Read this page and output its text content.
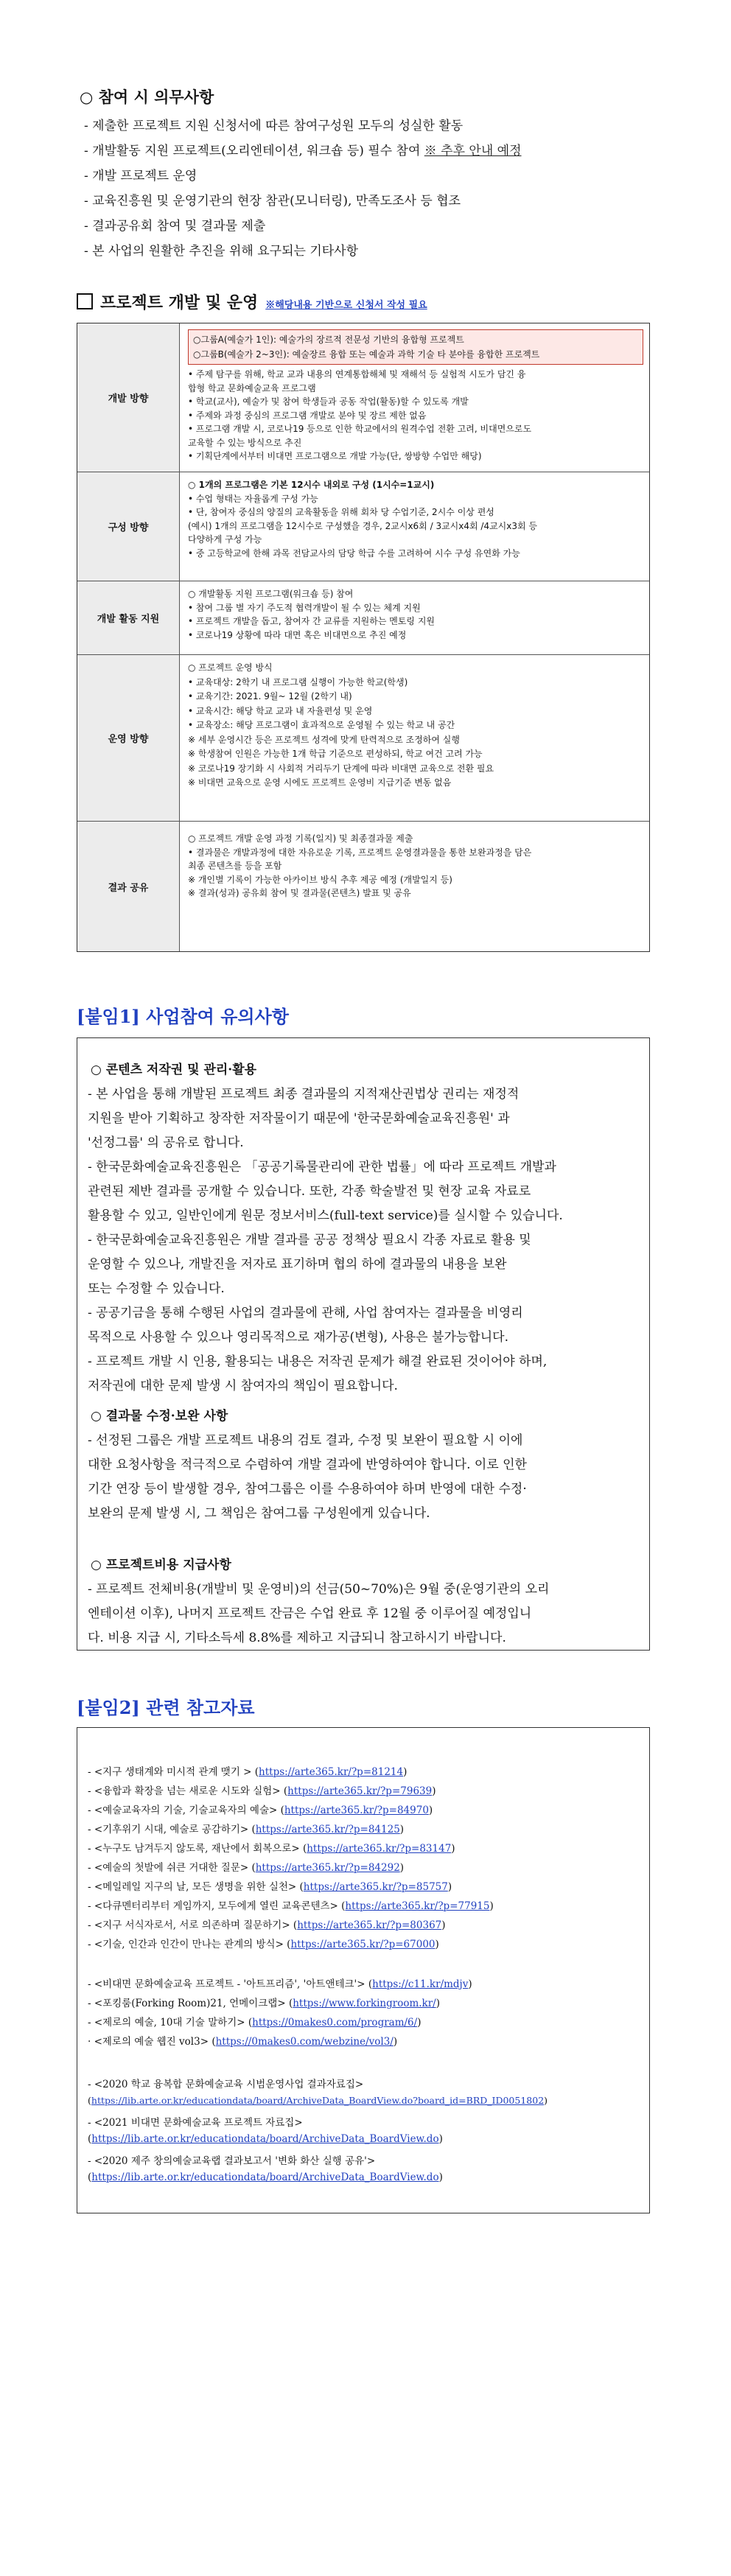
○ 참여 시 의무사항
- 제출한 프로젝트 지원 신청서에 따른 참여구성원 모두의 성실한 활동
- 개발활동 지원 프로젝트(오리엔테이션, 워크숍 등) 필수 참여 ※ 추후 안내 예정
- 개발 프로젝트 운영
- 교육진흥원 및 운영기관의 현장 참관(모니터링), 만족도조사 등 협조
- 결과공유회 참여 및 결과물 제출
- 본 사업의 원활한 추진을 위해 요구되는 기타사항
프로젝트 개발 및 운영 ※해당내용 기반으로 신청서 작성 필요
개발 방향
○그룹A(예술가 1인): 예술가의 장르적 전문성 기반의 융합형 프로젝트
○그룹B(예술가 2~3인): 예술장르 융합 또는 예술과 과학 기술 타 분야를 융합한 프로젝트
• 주제 탐구를 위해, 학교 교과 내용의 연계통합해체 및 재해석 등 실험적 시도가 담긴 융
합형 학교 문화예술교육 프로그램
• 학교(교사), 예술가 및 참여 학생들과 공동 작업(활동)할 수 있도록 개발
• 주제와 과정 중심의 프로그램 개발로 분야 및 장르 제한 없음
• 프로그램 개발 시, 코로나19 등으로 인한 학교에서의 원격수업 전환 고려, 비대면으로도
교육할 수 있는 방식으로 추진
• 기획단계에서부터 비대면 프로그램으로 개발 가능(단, 쌍방향 수업만 해당)
구성 방향
○ 1개의 프로그램은 기본 12시수 내외로 구성 (1시수=1교시)
• 수업 형태는 자율롭게 구성 가능
• 단, 참여자 중심의 양질의 교육활동을 위해 회차 당 수업기준, 2시수 이상 편성
(예시) 1개의 프로그램을 12시수로 구성했을 경우, 2교시x6회 / 3교시x4회 /4교시x3회 등
다양하게 구성 가능
• 중 고등학교에 한해 과목 전담교사의 담당 학급 수를 고려하여 시수 구성 유연화 가능
개발 활동 지원
○ 개발활동 지원 프로그램(워크숍 등) 참여
• 참여 그룹 별 자기 주도적 협력개발이 될 수 있는 체계 지원
• 프로젝트 개발을 돕고, 참여자 간 교류를 지원하는 멘토링 지원
• 코로나19 상황에 따라 대면 혹은 비대면으로 추진 예정
운영 방향
○ 프로젝트 운영 방식
• 교육대상: 2학기 내 프로그램 실행이 가능한 학교(학생)
• 교육기간: 2021. 9월~ 12월 (2학기 내)
• 교육시간: 해당 학교 교과 내 자율편성 및 운영
• 교육장소: 해당 프로그램이 효과적으로 운영될 수 있는 학교 내 공간
※ 세부 운영시간 등은 프로젝트 성격에 맞게 탄력적으로 조정하여 실행
※ 학생참여 인원은 가능한 1개 학급 기준으로 편성하되, 학교 여건 고려 가능
※ 코로나19 장기화 시 사회적 거리두기 단계에 따라 비대면 교육으로 전환 필요
※ 비대면 교육으로 운영 시에도 프로젝트 운영비 지급기준 변동 없음
결과 공유
○ 프로젝트 개발 운영 과정 기록(일지) 및 최종결과물 제출
• 결과물은 개발과정에 대한 자유로운 기록, 프로젝트 운영결과물을 통한 보완과정을 담은
최종 콘텐츠를 등을 포함
※ 개인별 기록이 가능한 아카이브 방식 추후 제공 예정 (개발일지 등)
※ 결과(성과) 공유회 참여 및 결과물(콘텐츠) 발표 및 공유
[붙임1] 사업참여 유의사항
○ 콘텐츠 저작권 및 관리·활용
- 본 사업을 통해 개발된 프로젝트 최종 결과물의 지적재산권법상 권리는 재정적
지원을 받아 기획하고 창작한 저작물이기 때문에 '한국문화예술교육진흥원' 과
'선정그룹' 의 공유로 합니다.
- 한국문화예술교육진흥원은 「공공기록물관리에 관한 법률」에 따라 프로젝트 개발과
관련된 제반 결과를 공개할 수 있습니다. 또한, 각종 학술발전 및 현장 교육 자료로
활용할 수 있고, 일반인에게 원문 정보서비스(full-text service)를 실시할 수 있습니다.
- 한국문화예술교육진흥원은 개발 결과를 공공 정책상 필요시 각종 자료로 활용 및
운영할 수 있으나, 개발진을 저자로 표기하며 협의 하에 결과물의 내용을 보완
또는 수정할 수 있습니다.
- 공공기금을 통해 수행된 사업의 결과물에 관해, 사업 참여자는 결과물을 비영리
목적으로 사용할 수 있으나 영리목적으로 재가공(변형), 사용은 불가능합니다.
- 프로젝트 개발 시 인용, 활용되는 내용은 저작권 문제가 해결 완료된 것이어야 하며,
저작권에 대한 문제 발생 시 참여자의 책임이 필요합니다.
○ 결과물 수정·보완 사항
- 선정된 그룹은 개발 프로젝트 내용의 검토 결과, 수정 및 보완이 필요할 시 이에
대한 요청사항을 적극적으로 수렴하여 개발 결과에 반영하여야 합니다. 이로 인한
기간 연장 등이 발생할 경우, 참여그룹은 이를 수용하여야 하며 반영에 대한 수정·
보완의 문제 발생 시, 그 책임은 참여그룹 구성원에게 있습니다.
○ 프로젝트비용 지급사항
- 프로젝트 전체비용(개발비 및 운영비)의 선금(50~70%)은 9월 중(운영기관의 오리
엔테이션 이후), 나머지 프로젝트 잔금은 수업 완료 후 12월 중 이루어질 예정입니
다. 비용 지급 시, 기타소득세 8.8%를 제하고 지급되니 참고하시기 바랍니다.
[붙임2] 관련 참고자료
- <지구 생태계와 미시적 관계 맺기 > (https://arte365.kr/?p=81214)
- <융합과 확장을 넘는 새로운 시도와 실험> (https://arte365.kr/?p=79639)
- <예술교육자의 기술, 기술교육자의 예술> (https://arte365.kr/?p=84970)
- <기후위기 시대, 예술로 공감하기> (https://arte365.kr/?p=84125)
- <누구도 남겨두지 않도록, 재난에서 회복으로> (https://arte365.kr/?p=83147)
- <예술의 첫발에 쉬큰 거대한 질문> (https://arte365.kr/?p=84292)
- <메일레일 지구의 날, 모든 생명을 위한 실천> (https://arte365.kr/?p=85757)
- <다큐멘터리부터 게임까지, 모두에게 열린 교육콘텐츠> (https://arte365.kr/?p=77915)
- <지구 서식자로서, 서로 의존하며 질문하기> (https://arte365.kr/?p=80367)
- <기술, 인간과 인간이 만나는 관계의 방식> (https://arte365.kr/?p=67000)
- <비대면 문화예술교육 프로젝트 - '아트프리즘', '아트앤테크'> (https://c11.kr/mdjv)
- <포킹룸(Forking Room)21, 언메이크랩> (https://www.forkingroom.kr/)
- <제로의 예술, 10대 기술 말하기> (https://0makes0.com/program/6/)
· <제로의 예술 웹진 vol3> (https://0makes0.com/webzine/vol3/)
- <2020 학교 융복합 문화예술교육 시범운영사업 결과자료집>
(https://lib.arte.or.kr/educationdata/board/ArchiveData_BoardView.do?board_id=BRD_ID0051802)
- <2021 비대면 문화예술교육 프로젝트 자료집>
(https://lib.arte.or.kr/educationdata/board/ArchiveData_BoardView.do)
- <2020 제주 창의예술교육랩 결과보고서 '변화 화산 실행 공유'>
(https://lib.arte.or.kr/educationdata/board/ArchiveData_BoardView.do)
